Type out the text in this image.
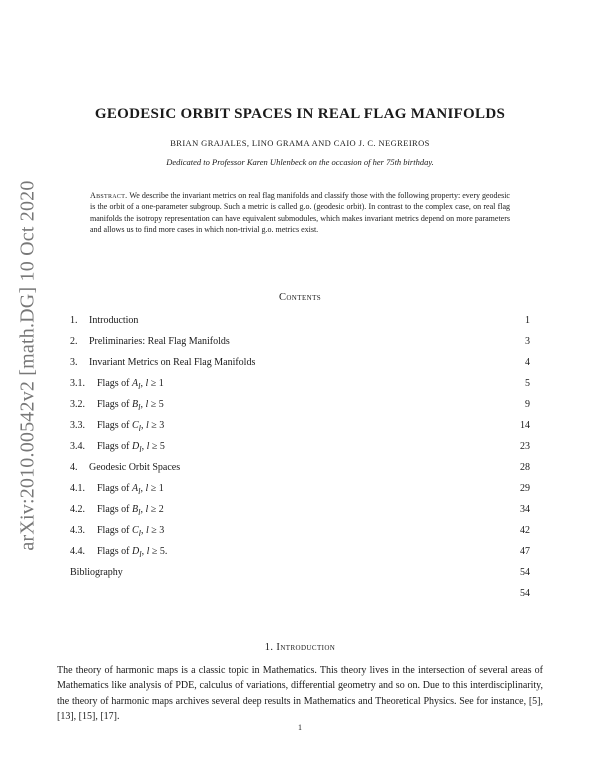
arXiv:2010.00542v2 [math.DG] 10 Oct 2020
GEODESIC ORBIT SPACES IN REAL FLAG MANIFOLDS
BRIAN GRAJALES, LINO GRAMA AND CAIO J. C. NEGREIROS
Dedicated to Professor Karen Uhlenbeck on the occasion of her 75th birthday.
Abstract. We describe the invariant metrics on real flag manifolds and classify those with the following property: every geodesic is the orbit of a one-parameter subgroup. Such a metric is called g.o. (geodesic orbit). In contrast to the complex case, on real flag manifolds the isotropy representation can have equivalent submodules, which makes invariant metrics depend on more parameters and allows us to find more cases in which non-trivial g.o. metrics exist.
Contents
1. Introduction	1
2. Preliminaries: Real Flag Manifolds	3
3. Invariant Metrics on Real Flag Manifolds	4
3.1. Flags of $A_l$, l ≥ 1	5
3.2. Flags of $B_l$, l ≥ 5	9
3.3. Flags of $C_l$, l ≥ 3	14
3.4. Flags of $D_l$, l ≥ 5	23
4. Geodesic Orbit Spaces	28
4.1. Flags of $A_l$, l ≥ 1	29
4.2. Flags of $B_l$, l ≥ 2	34
4.3. Flags of $C_l$, l ≥ 3	42
4.4. Flags of $D_l$, l ≥ 5.	47
Bibliography	54
54
1. Introduction
The theory of harmonic maps is a classic topic in Mathematics. This theory lives in the intersection of several areas of Mathematics like analysis of PDE, calculus of variations, differential geometry and so on. Due to this interdisciplinarity, the theory of harmonic maps archives several deep results in Mathematics and Theoretical Physics. See for instance, [5], [13], [15], [17].
1
